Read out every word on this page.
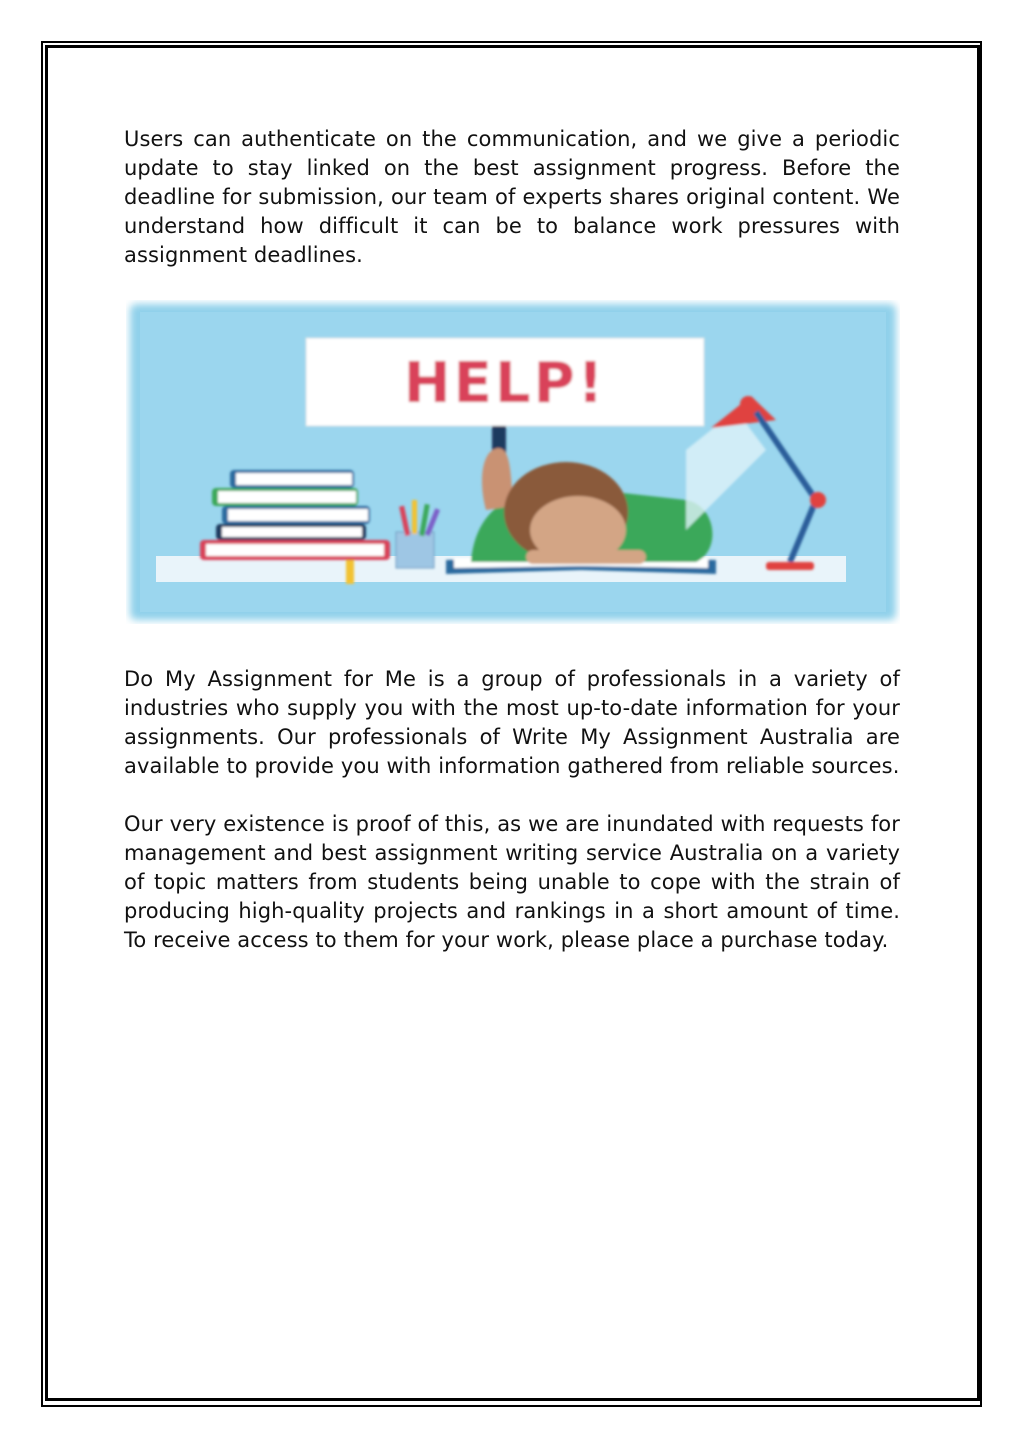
Users can authenticate on the communication, and we give a periodic update to stay linked on the best assignment progress. Before the deadline for submission, our team of experts shares original content. We understand how difficult it can be to balance work pressures with assignment deadlines.

HELP!

Do My Assignment for Me is a group of professionals in a variety of industries who supply you with the most up-to-date information for your assignments. Our professionals of Write My Assignment Australia are available to provide you with information gathered from reliable sources.

Our very existence is proof of this, as we are inundated with requests for management and best assignment writing service Australia on a variety of topic matters from students being unable to cope with the strain of producing high-quality projects and rankings in a short amount of time. To receive access to them for your work, please place a purchase today.
